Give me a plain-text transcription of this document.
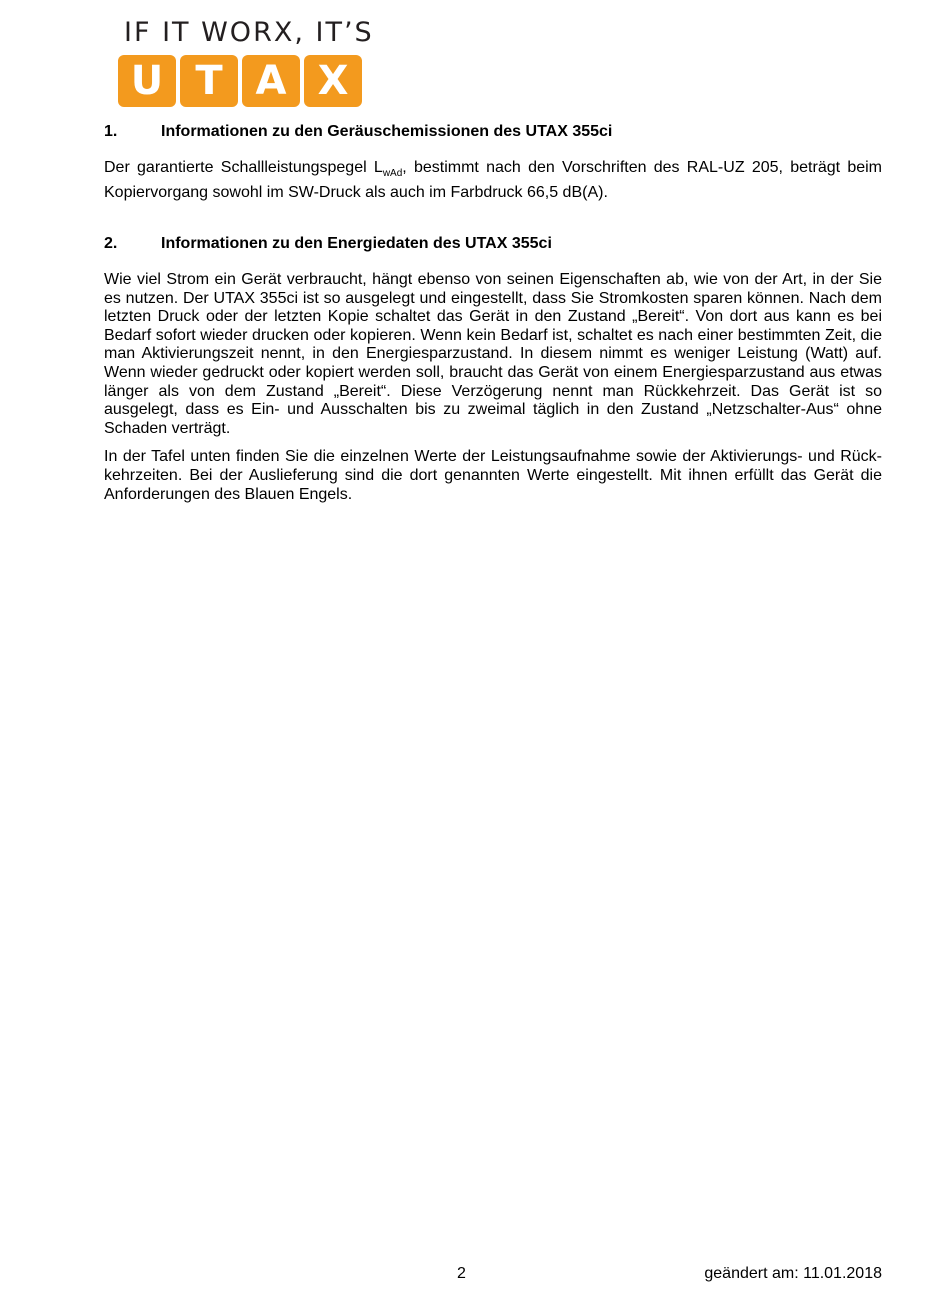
IF IT WORX, IT’S
U T A X
1.	Informationen zu den Geräuschemissionen des UTAX 355ci

Der garantierte Schallleistungspegel $L_{wAd}$, bestimmt nach den Vorschriften des RAL-UZ 205, beträgt beim Kopiervorgang sowohl im SW-Druck als auch im Farbdruck 66,5 dB(A).

2.	Informationen zu den Energiedaten des UTAX 355ci

Wie viel Strom ein Gerät verbraucht, hängt ebenso von seinen Eigenschaften ab, wie von der Art, in der Sie es nutzen. Der UTAX 355ci ist so ausgelegt und eingestellt, dass Sie Stromkosten sparen können. Nach dem letzten Druck oder der letzten Kopie schaltet das Gerät in den Zustand „Bereit“. Von dort aus kann es bei Bedarf sofort wieder drucken oder kopieren. Wenn kein Bedarf ist, schaltet es nach einer bestimmten Zeit, die man Aktivierungszeit nennt, in den Energiesparzustand. In diesem nimmt es weniger Leistung (Watt) auf. Wenn wieder gedruckt oder kopiert werden soll, braucht das Gerät von einem Energiesparzustand aus etwas länger als von dem Zustand „Bereit“. Diese Verzögerung nennt man Rückkehrzeit. Das Gerät ist so ausgelegt, dass es Ein- und Ausschalten bis zu zweimal täglich in den Zustand „Netzschalter-Aus“ ohne Schaden verträgt.

In der Tafel unten finden Sie die einzelnen Werte der Leistungsaufnahme sowie der Aktivierungs- und Rückkehrzeiten. Bei der Auslieferung sind die dort genannten Werte eingestellt. Mit ihnen erfüllt das Gerät die Anforderungen des Blauen Engels.

2	geändert am: 11.01.2018
